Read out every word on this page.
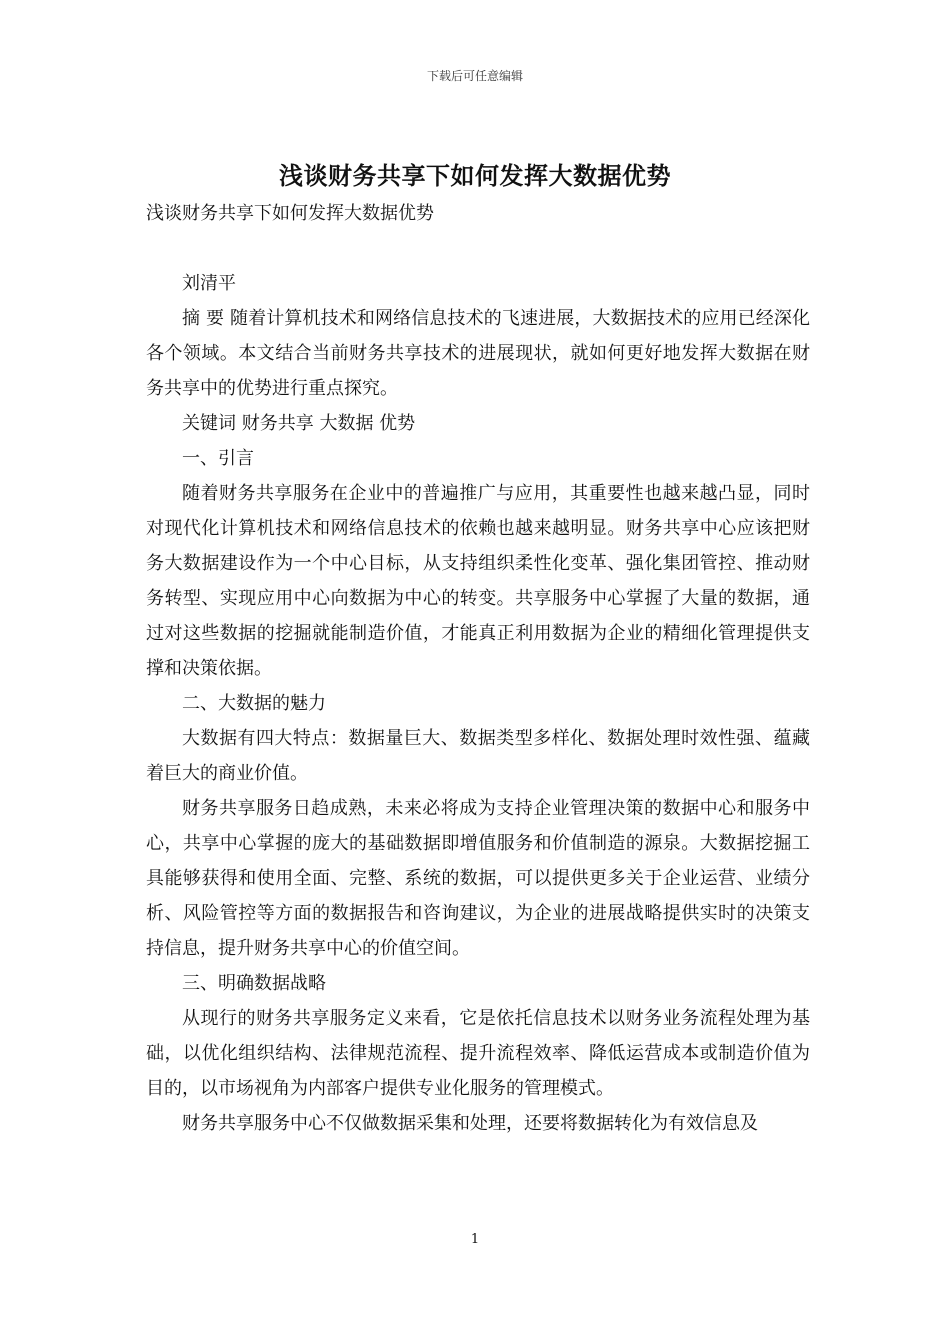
下载后可任意编辑
浅谈财务共享下如何发挥大数据优势

浅谈财务共享下如何发挥大数据优势

刘清平

摘 要 随着计算机技术和网络信息技术的飞速进展，大数据技术的应用已经深化各个领域。本文结合当前财务共享技术的进展现状，就如何更好地发挥大数据在财务共享中的优势进行重点探究。

关键词 财务共享 大数据 优势

一、引言

随着财务共享服务在企业中的普遍推广与应用，其重要性也越来越凸显，同时对现代化计算机技术和网络信息技术的依赖也越来越明显。财务共享中心应该把财务大数据建设作为一个中心目标，从支持组织柔性化变革、强化集团管控、推动财务转型、实现应用中心向数据为中心的转变。共享服务中心掌握了大量的数据，通过对这些数据的挖掘就能制造价值，才能真正利用数据为企业的精细化管理提供支撑和决策依据。

二、大数据的魅力

大数据有四大特点：数据量巨大、数据类型多样化、数据处理时效性强、蕴藏着巨大的商业价值。

财务共享服务日趋成熟，未来必将成为支持企业管理决策的数据中心和服务中心，共享中心掌握的庞大的基础数据即增值服务和价值制造的源泉。大数据挖掘工具能够获得和使用全面、完整、系统的数据，可以提供更多关于企业运营、业绩分析、风险管控等方面的数据报告和咨询建议，为企业的进展战略提供实时的决策支持信息，提升财务共享中心的价值空间。

三、明确数据战略

从现行的财务共享服务定义来看，它是依托信息技术以财务业务流程处理为基础，以优化组织结构、法律规范流程、提升流程效率、降低运营成本或制造价值为目的，以市场视角为内部客户提供专业化服务的管理模式。

财务共享服务中心不仅做数据采集和处理，还要将数据转化为有效信息及

1
